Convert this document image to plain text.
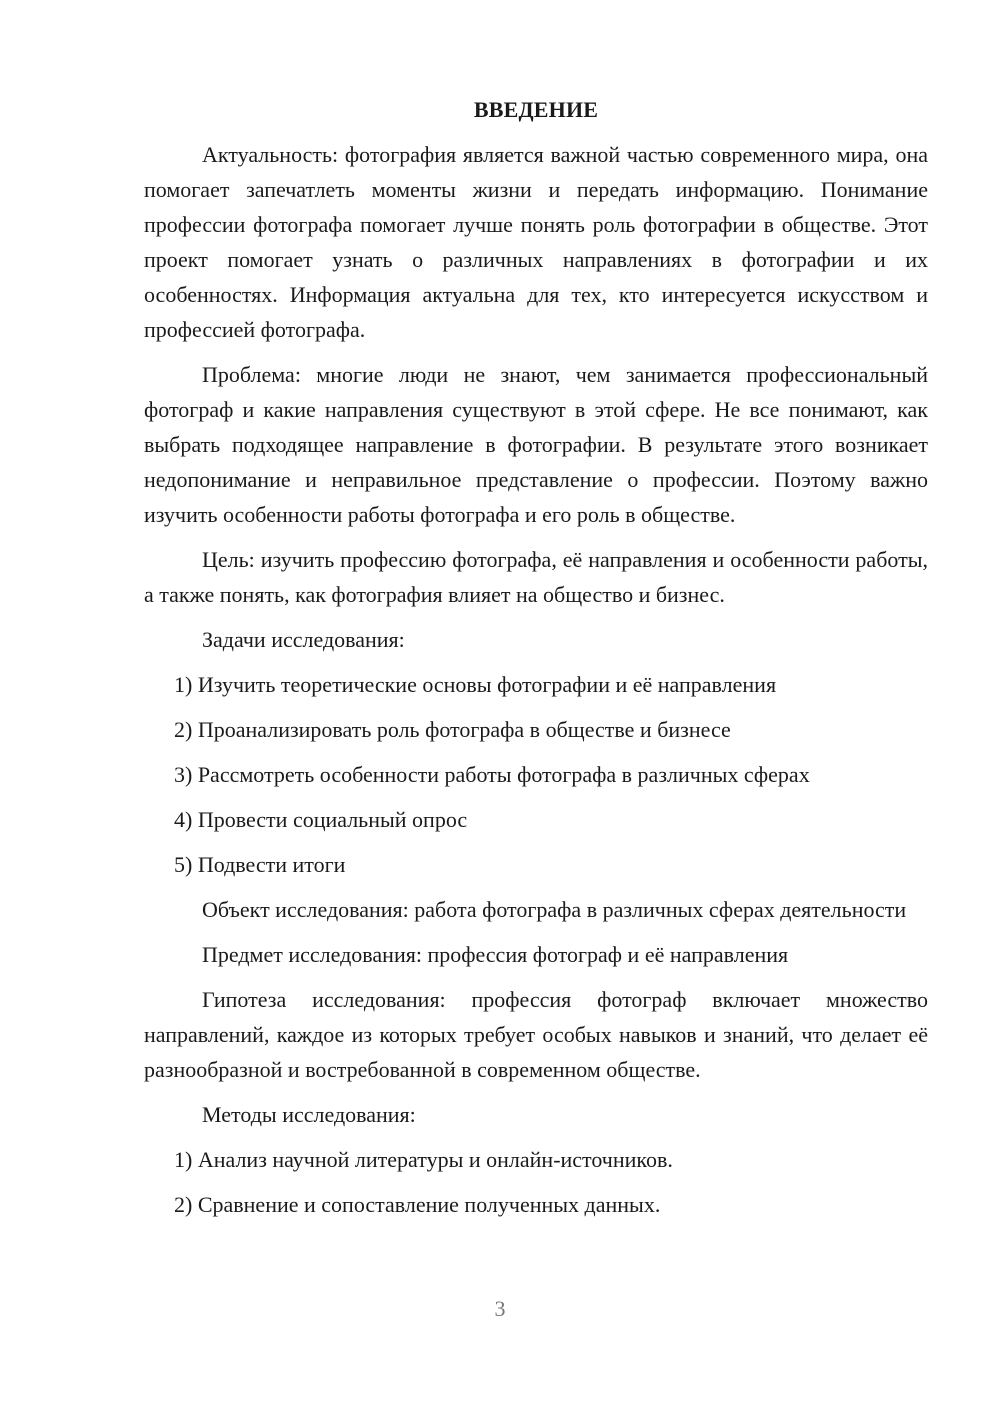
ВВЕДЕНИЕ
Актуальность: фотография является важной частью современного мира, она помогает запечатлеть моменты жизни и передать информацию. Понимание профессии фотографа помогает лучше понять роль фотографии в обществе. Этот проект помогает узнать о различных направлениях в фотографии и их особенностях. Информация актуальна для тех, кто интересуется искусством и профессией фотографа.
Проблема: многие люди не знают, чем занимается профессиональный фотограф и какие направления существуют в этой сфере. Не все понимают, как выбрать подходящее направление в фотографии. В результате этого возникает недопонимание и неправильное представление о профессии. Поэтому важно изучить особенности работы фотографа и его роль в обществе.
Цель: изучить профессию фотографа, её направления и особенности работы, а также понять, как фотография влияет на общество и бизнес.
Задачи исследования:
1) Изучить теоретические основы фотографии и её направления
2) Проанализировать роль фотографа в обществе и бизнесе
3) Рассмотреть особенности работы фотографа в различных сферах
4) Провести социальный опрос
5) Подвести итоги
Объект исследования: работа фотографа в различных сферах деятельности
Предмет исследования: профессия фотограф и её направления
Гипотеза исследования: профессия фотограф включает множество направлений, каждое из которых требует особых навыков и знаний, что делает её разнообразной и востребованной в современном обществе.
Методы исследования:
1) Анализ научной литературы и онлайн-источников.
2) Сравнение и сопоставление полученных данных.
3
